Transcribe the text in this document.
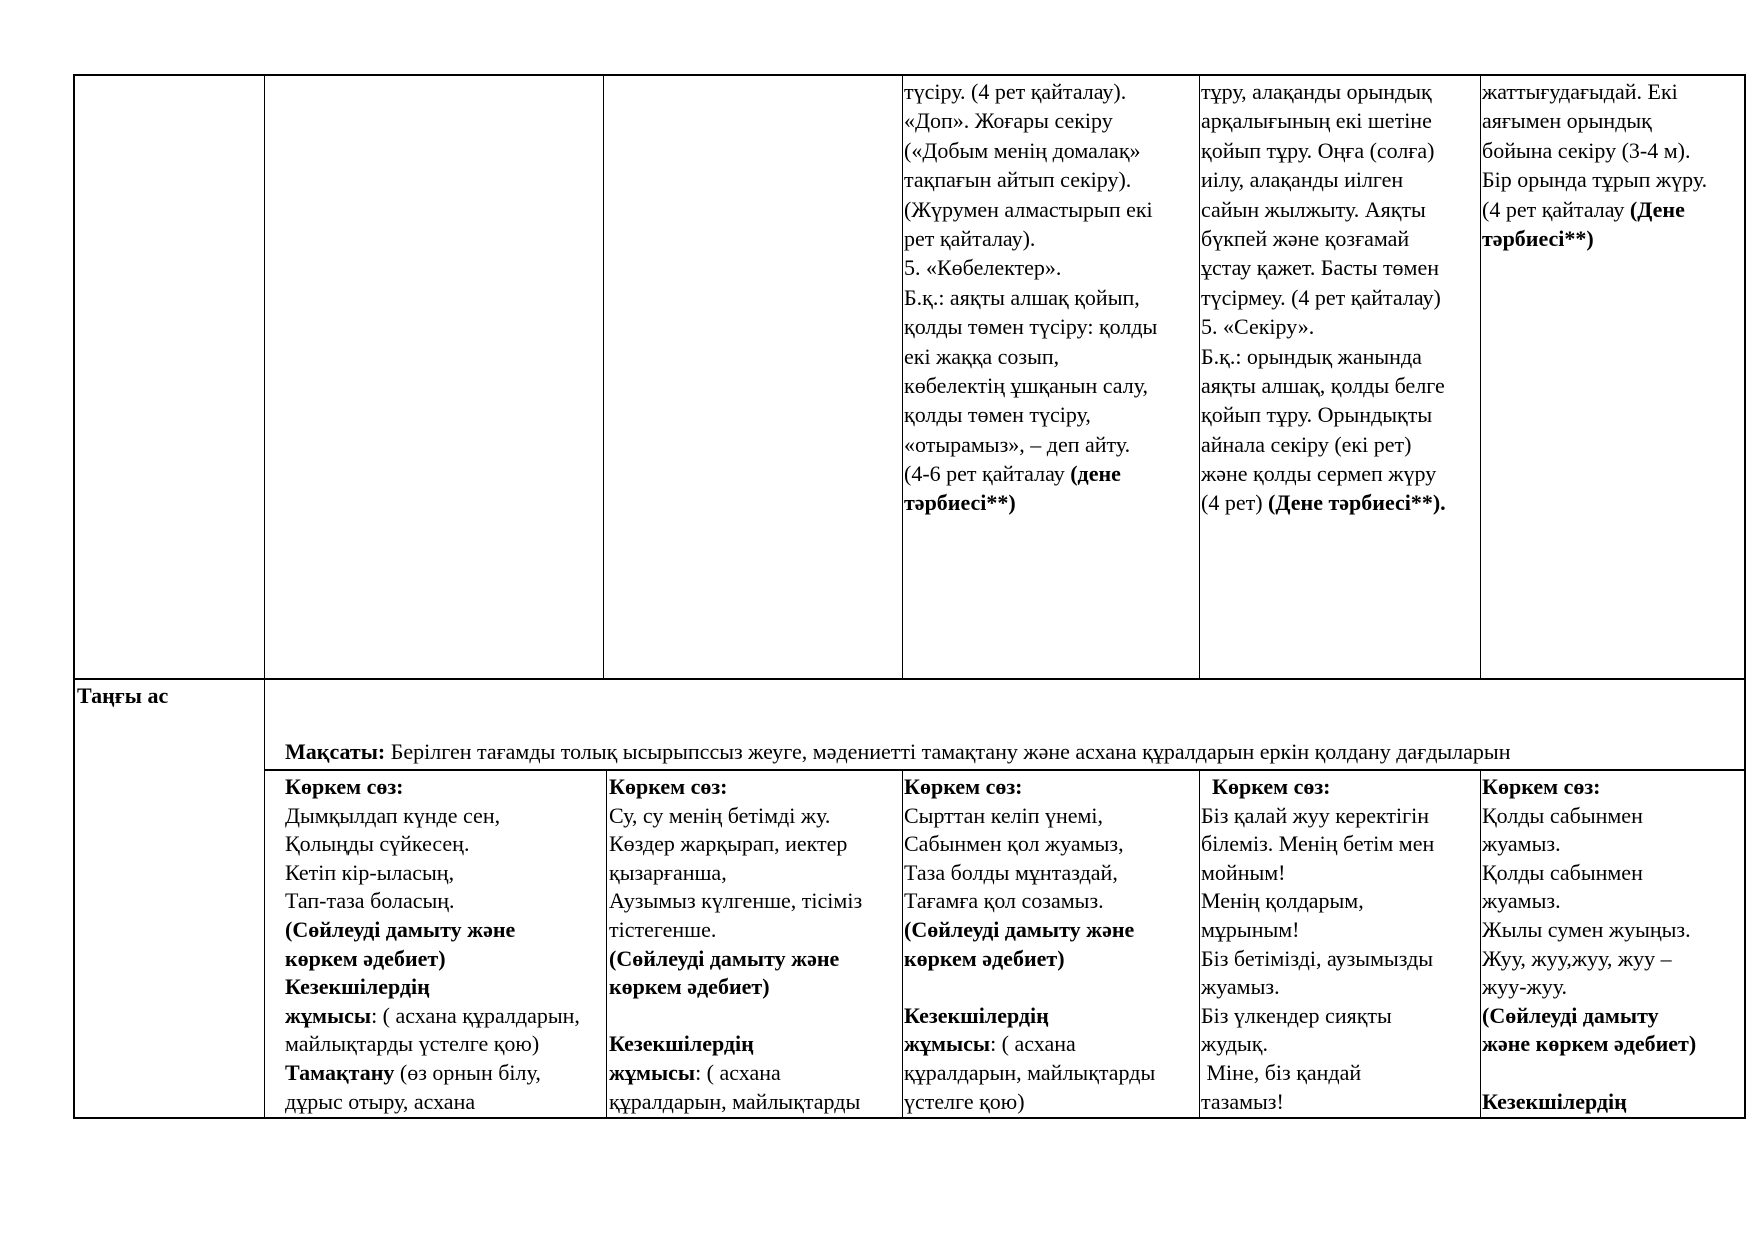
түсіру. (4 рет қайталау).
«Доп». Жоғары секіру
(«Добым менің домалақ»
тақпағын айтып секіру).
(Жүрумен алмастырып екі
рет қайталау).
5. «Көбелектер».
Б.қ.: аяқты алшақ қойып,
қолды төмен түсіру: қолды
екі жаққа созып,
көбелектің ұшқанын салу,
қолды төмен түсіру,
«отырамыз», – деп айту.
(4-6 рет қайталау (дене
тәрбиесі**)
тұру, алақанды орындық
арқалығының екі шетіне
қойып тұру. Оңға (солға)
иілу, алақанды иілген
сайын жылжыту. Аяқты
бүкпей және қозғамай
ұстау қажет. Басты төмен
түсірмеу. (4 рет қайталау)
5. «Секіру».
Б.қ.: орындық жанында
аяқты алшақ, қолды белге
қойып тұру. Орындықты
айнала секіру (екі рет)
және қолды сермеп жүру
(4 рет) (Дене тәрбиесі**).
жаттығудағыдай. Екі
аяғымен орындық
бойына секіру (3-4 м).
Бір орында тұрып жүру.
(4 рет қайталау (Дене
тәрбиесі**)
Таңғы ас

Мақсаты: Берілген тағамды толық ысырыпссыз жеуге, мәдениетті тамақтану және асхана құралдарын еркін қолдану дағдыларын

Көркем сөз:
Дымқылдап күнде сен,
Қолыңды сүйкесең.
Кетіп кір-ыласың,
Тап-таза боласың.
(Сөйлеуді дамыту және
көркем әдебиет)
Кезекшілердің
жұмысы: ( асхана құралдарын,
майлықтарды үстелге қою)
Тамақтану (өз орнын білу,
дұрыс отыру, асхана
Көркем сөз:
Су, су менің бетімді жу.
Көздер жарқырап, иектер
қызарғанша,
Аузымыз күлгенше, тісіміз
тістегенше.
(Сөйлеуді дамыту және
көркем әдебиет)

Кезекшілердің
жұмысы: ( асхана
құралдарын, майлықтарды
Көркем сөз:
Сырттан келіп үнемі,
Сабынмен қол жуамыз,
Таза болды мұнтаздай,
Тағамға қол созамыз.
(Сөйлеуді дамыту және
көркем әдебиет)

Кезекшілердің
жұмысы: ( асхана
құралдарын, майлықтарды
үстелге қою)
Көркем сөз:
Біз қалай жуу керектігін
білеміз. Менің бетім мен
мойным!
Менің қолдарым,
мұрыным!
Біз бетімізді, аузымызды
жуамыз.
Біз үлкендер сияқты
жудық.
Міне, біз қандай
тазамыз!
Көркем сөз:
Қолды сабынмен
жуамыз.
Қолды сабынмен
жуамыз.
Жылы сумен жуыңыз.
Жуу, жуу,жуу, жуу –
жуу-жуу.
(Сөйлеуді дамыту
және көркем әдебиет)

Кезекшілердің
